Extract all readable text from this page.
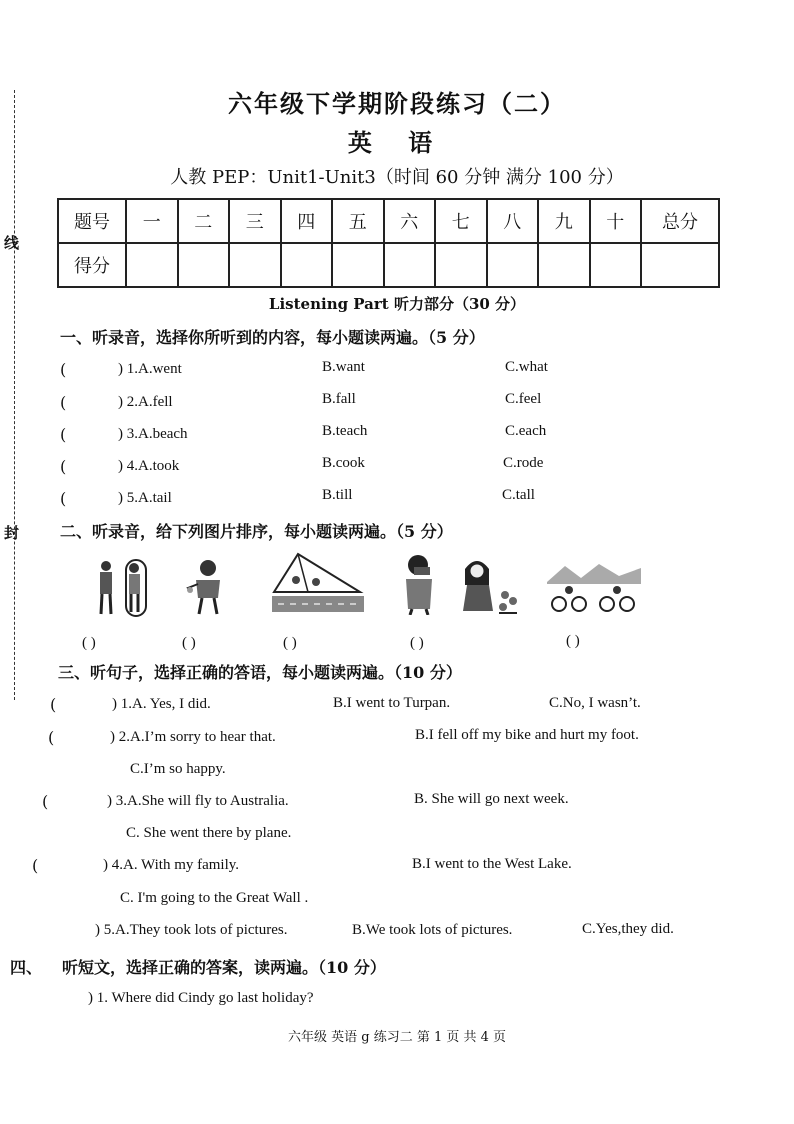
线
封
六年级下学期阶段练习（二）
英 语
人教 PEP：Unit1-Unit3（时间 60 分钟 满分 100 分）
题号	一	二	三	四	五	六	七	八	九	十	总分
得分											
Listening Part 听力部分（30 分）
一、听录音，选择你所听到的内容，每小题读两遍。（5 分）
(	) 1.A.went	B.want	C.what
(	) 2.A.fell	B.fall	C.feel
(	) 3.A.beach	B.teach	C.each
(	) 4.A.took	B.cook	C.rode
(	) 5.A.tail	B.till	C.tall
二、听录音，给下列图片排序，每小题读两遍。（5 分）
( )	( )	( )	( )	( )
三、听句子，选择正确的答语，每小题读两遍。（10 分）
(	) 1.A. Yes, I did.	B.I went to Turpan.	C.No, I wasn’t.
(	) 2.A.I’m sorry to hear that.	B.I fell off my bike and hurt my foot.
C.I’m so happy.
(	) 3.A.She will fly to Australia.	B. She will go next week.
C. She went there by plane.
(	) 4.A. With my family.	B.I went to the West Lake.
C. I'm going to the Great Wall .
) 5.A.They took lots of pictures.	B.We took lots of pictures.	C.Yes,they did.
四、	听短文，选择正确的答案，读两遍。（10 分）
) 1. Where did Cindy go last holiday?
六年级 英语 g 练习二 第 1 页 共 4 页
